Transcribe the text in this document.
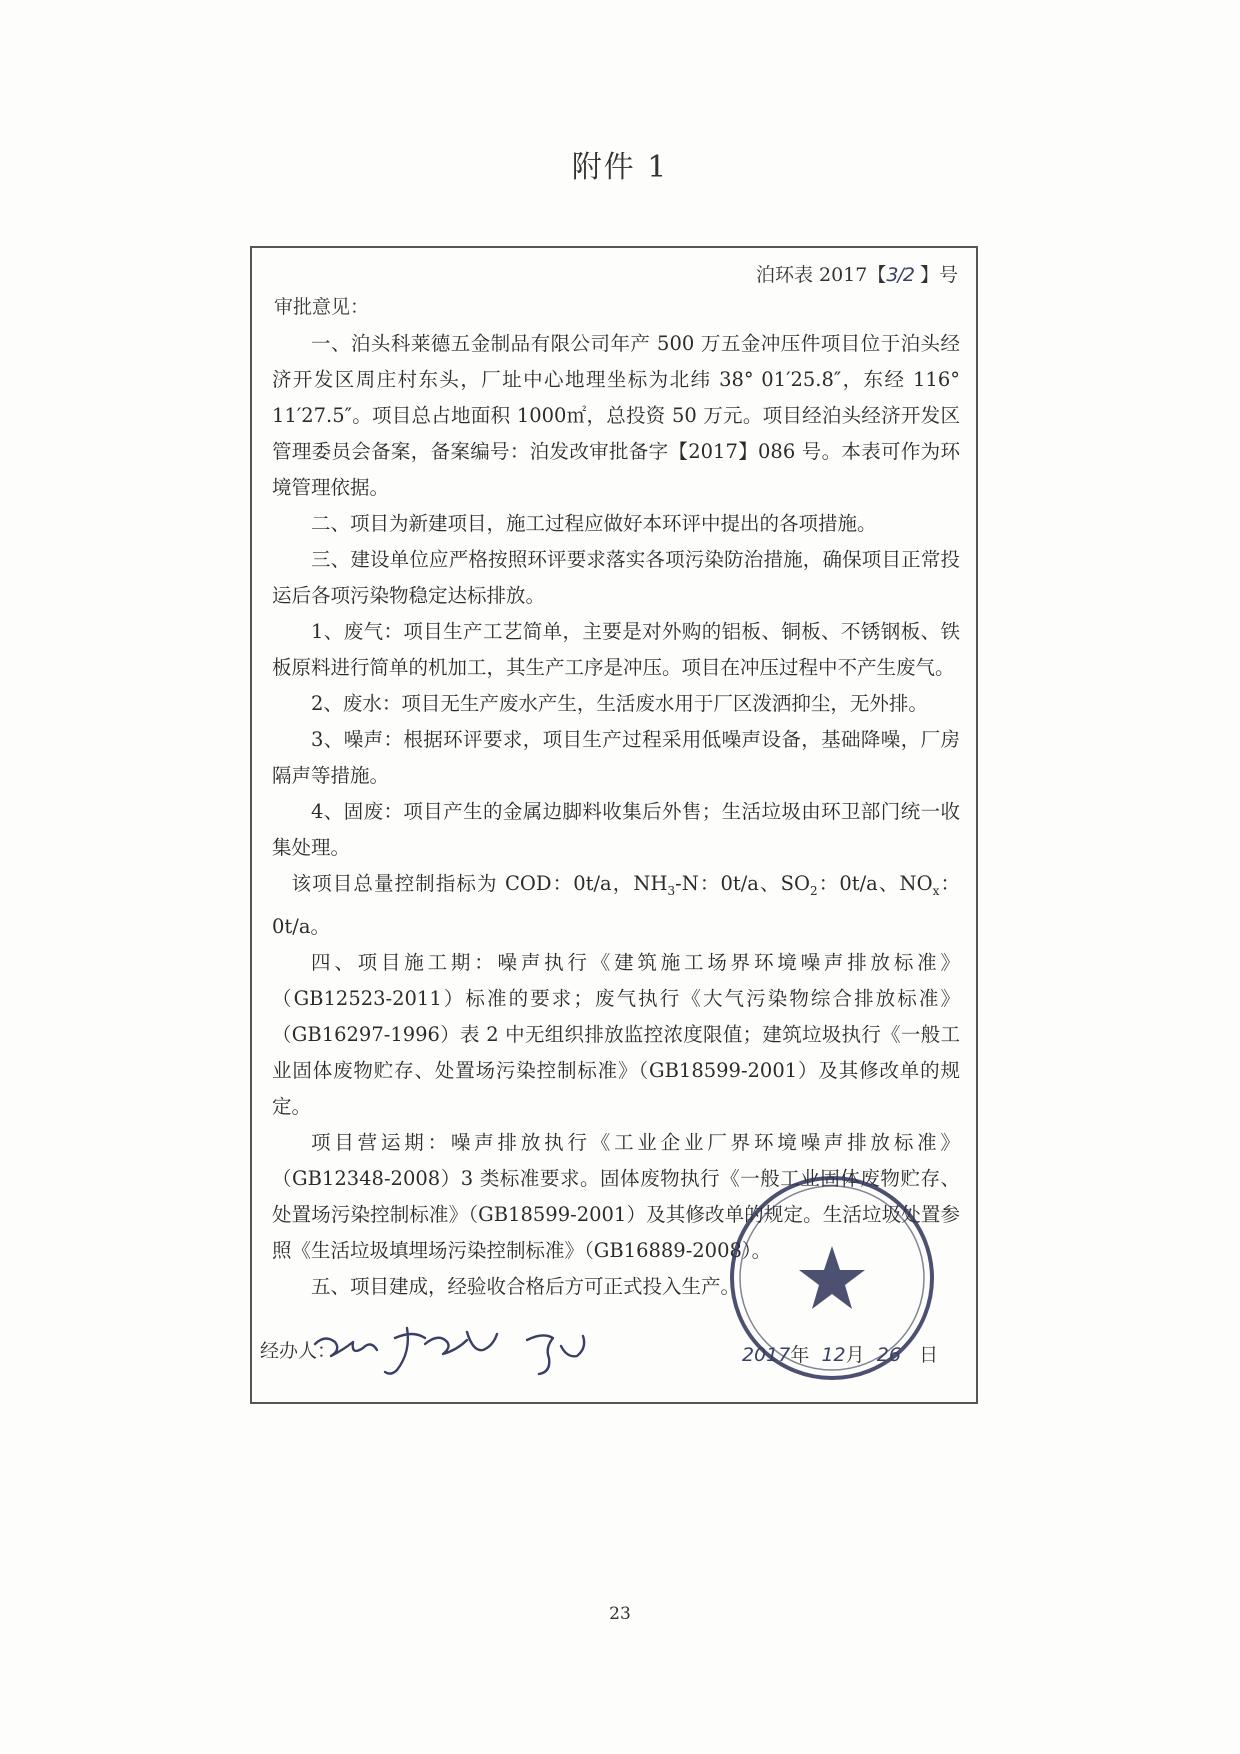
附件 1
泊环表 2017【3/2 】号
审批意见：

一、泊头科莱德五金制品有限公司年产 500 万五金冲压件项目位于泊头经济开发区周庄村东头，厂址中心地理坐标为北纬 38° 01′25.8″，东经 116° 11′27.5″。项目总占地面积 1000㎡，总投资 50 万元。项目经泊头经济开发区管理委员会备案，备案编号：泊发改审批备字【2017】086 号。本表可作为环境管理依据。

二、项目为新建项目，施工过程应做好本环评中提出的各项措施。

三、建设单位应严格按照环评要求落实各项污染防治措施，确保项目正常投运后各项污染物稳定达标排放。

1、废气：项目生产工艺简单，主要是对外购的铝板、铜板、不锈钢板、铁板原料进行简单的机加工，其生产工序是冲压。项目在冲压过程中不产生废气。

2、废水：项目无生产废水产生，生活废水用于厂区泼洒抑尘，无外排。

3、噪声：根据环评要求，项目生产过程采用低噪声设备，基础降噪，厂房隔声等措施。

4、固废：项目产生的金属边脚料收集后外售；生活垃圾由环卫部门统一收集处理。

该项目总量控制指标为 COD：0t/a，$NH_3-N$：0t/a、$SO_2$：0t/a、$NO_x$：0t/a。

四、项目施工期：噪声执行《建筑施工场界环境噪声排放标准》（GB12523-2011）标准的要求；废气执行《大气污染物综合排放标准》（GB16297-1996）表 2 中无组织排放监控浓度限值；建筑垃圾执行《一般工业固体废物贮存、处置场污染控制标准》（GB18599-2001）及其修改单的规定。

项目营运期：噪声排放执行《工业企业厂界环境噪声排放标准》（GB12348-2008）3 类标准要求。固体废物执行《一般工业固体废物贮存、处置场污染控制标准》（GB18599-2001）及其修改单的规定。生活垃圾处置参照《生活垃圾填埋场污染控制标准》（GB16889-2008）。

五、项目建成，经验收合格后方可正式投入生产。

经办人：	2017年 12月 26 日
23
